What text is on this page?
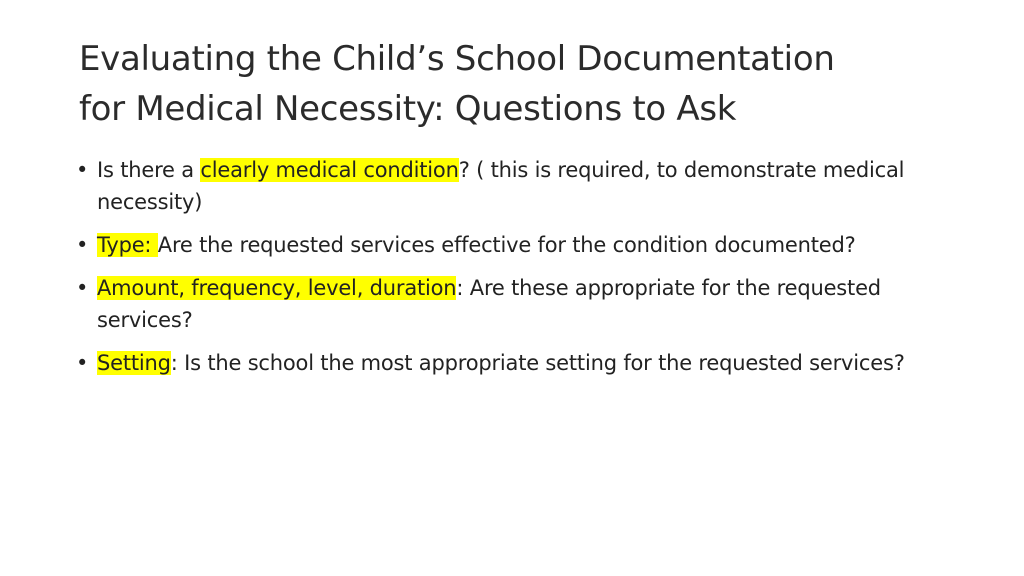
Evaluating the Child’s School Documentation
for Medical Necessity: Questions to Ask
• Is there a clearly medical condition? ( this is required, to demonstrate medical necessity)
• Type: Are the requested services effective for the condition documented?
• Amount, frequency, level, duration: Are these appropriate for the requested services?
• Setting: Is the school the most appropriate setting for the requested services?
